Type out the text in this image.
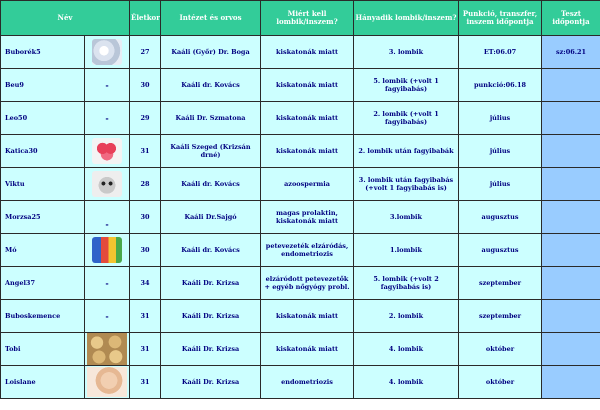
Név		Életkor	Intézet és orvos	Miért kell lombik/inszem?	Hányadik lombik/inszem?	Punkció, transzfer, inszem időpontja	Teszt időpontja
Buborék5		27	Kaáli (Győr) Dr. Boga	kiskatonák miatt	3. lombik	ET:06.07	sz:06.21
Beu9	-	30	Kaáli dr. Kovács	kiskatonák miatt	5. lombik (+volt 1 fagyibabás)	punkció:06.18	
Leo50	-	29	Kaáli Dr. Szmatona	kiskatonák miatt	2. lombik (+volt 1 fagyibabás)	július	
Katica30		31	Kaáli Szeged (Krizsán drné)	kiskatonák miatt	2. lombik után fagyibabák	július	
Viktu		28	Kaáli dr. Kovács	azoospermia	3. lombik után fagyibabás (+volt 1 fagyibabás is)	július	
Morzsa25	-	30	Kaáli Dr.Sajgó	magas prolaktin, kiskatonák miatt	3.lombik	augusztus	
Mó		30	Kaáli dr. Kovács	petevezeték elzáródás, endometriozis	1.lombik	augusztus	
Angel37	-	34	Kaáli Dr. Krizsa	elzáródott petevezetők + egyéb nőgyógy probl.	5. lombik (+volt 2 fagyibabás is)	szeptember	
Buboskemence	-	31	Kaáli Dr. Krizsa	kiskatonák miatt	2. lombik	szeptember	
Tobi		31	Kaáli Dr. Krizsa	kiskatonák miatt	4. lombik	október	
Loislane		31	Kaáli Dr. Krizsa	endometriozis	4. lombik	október	
